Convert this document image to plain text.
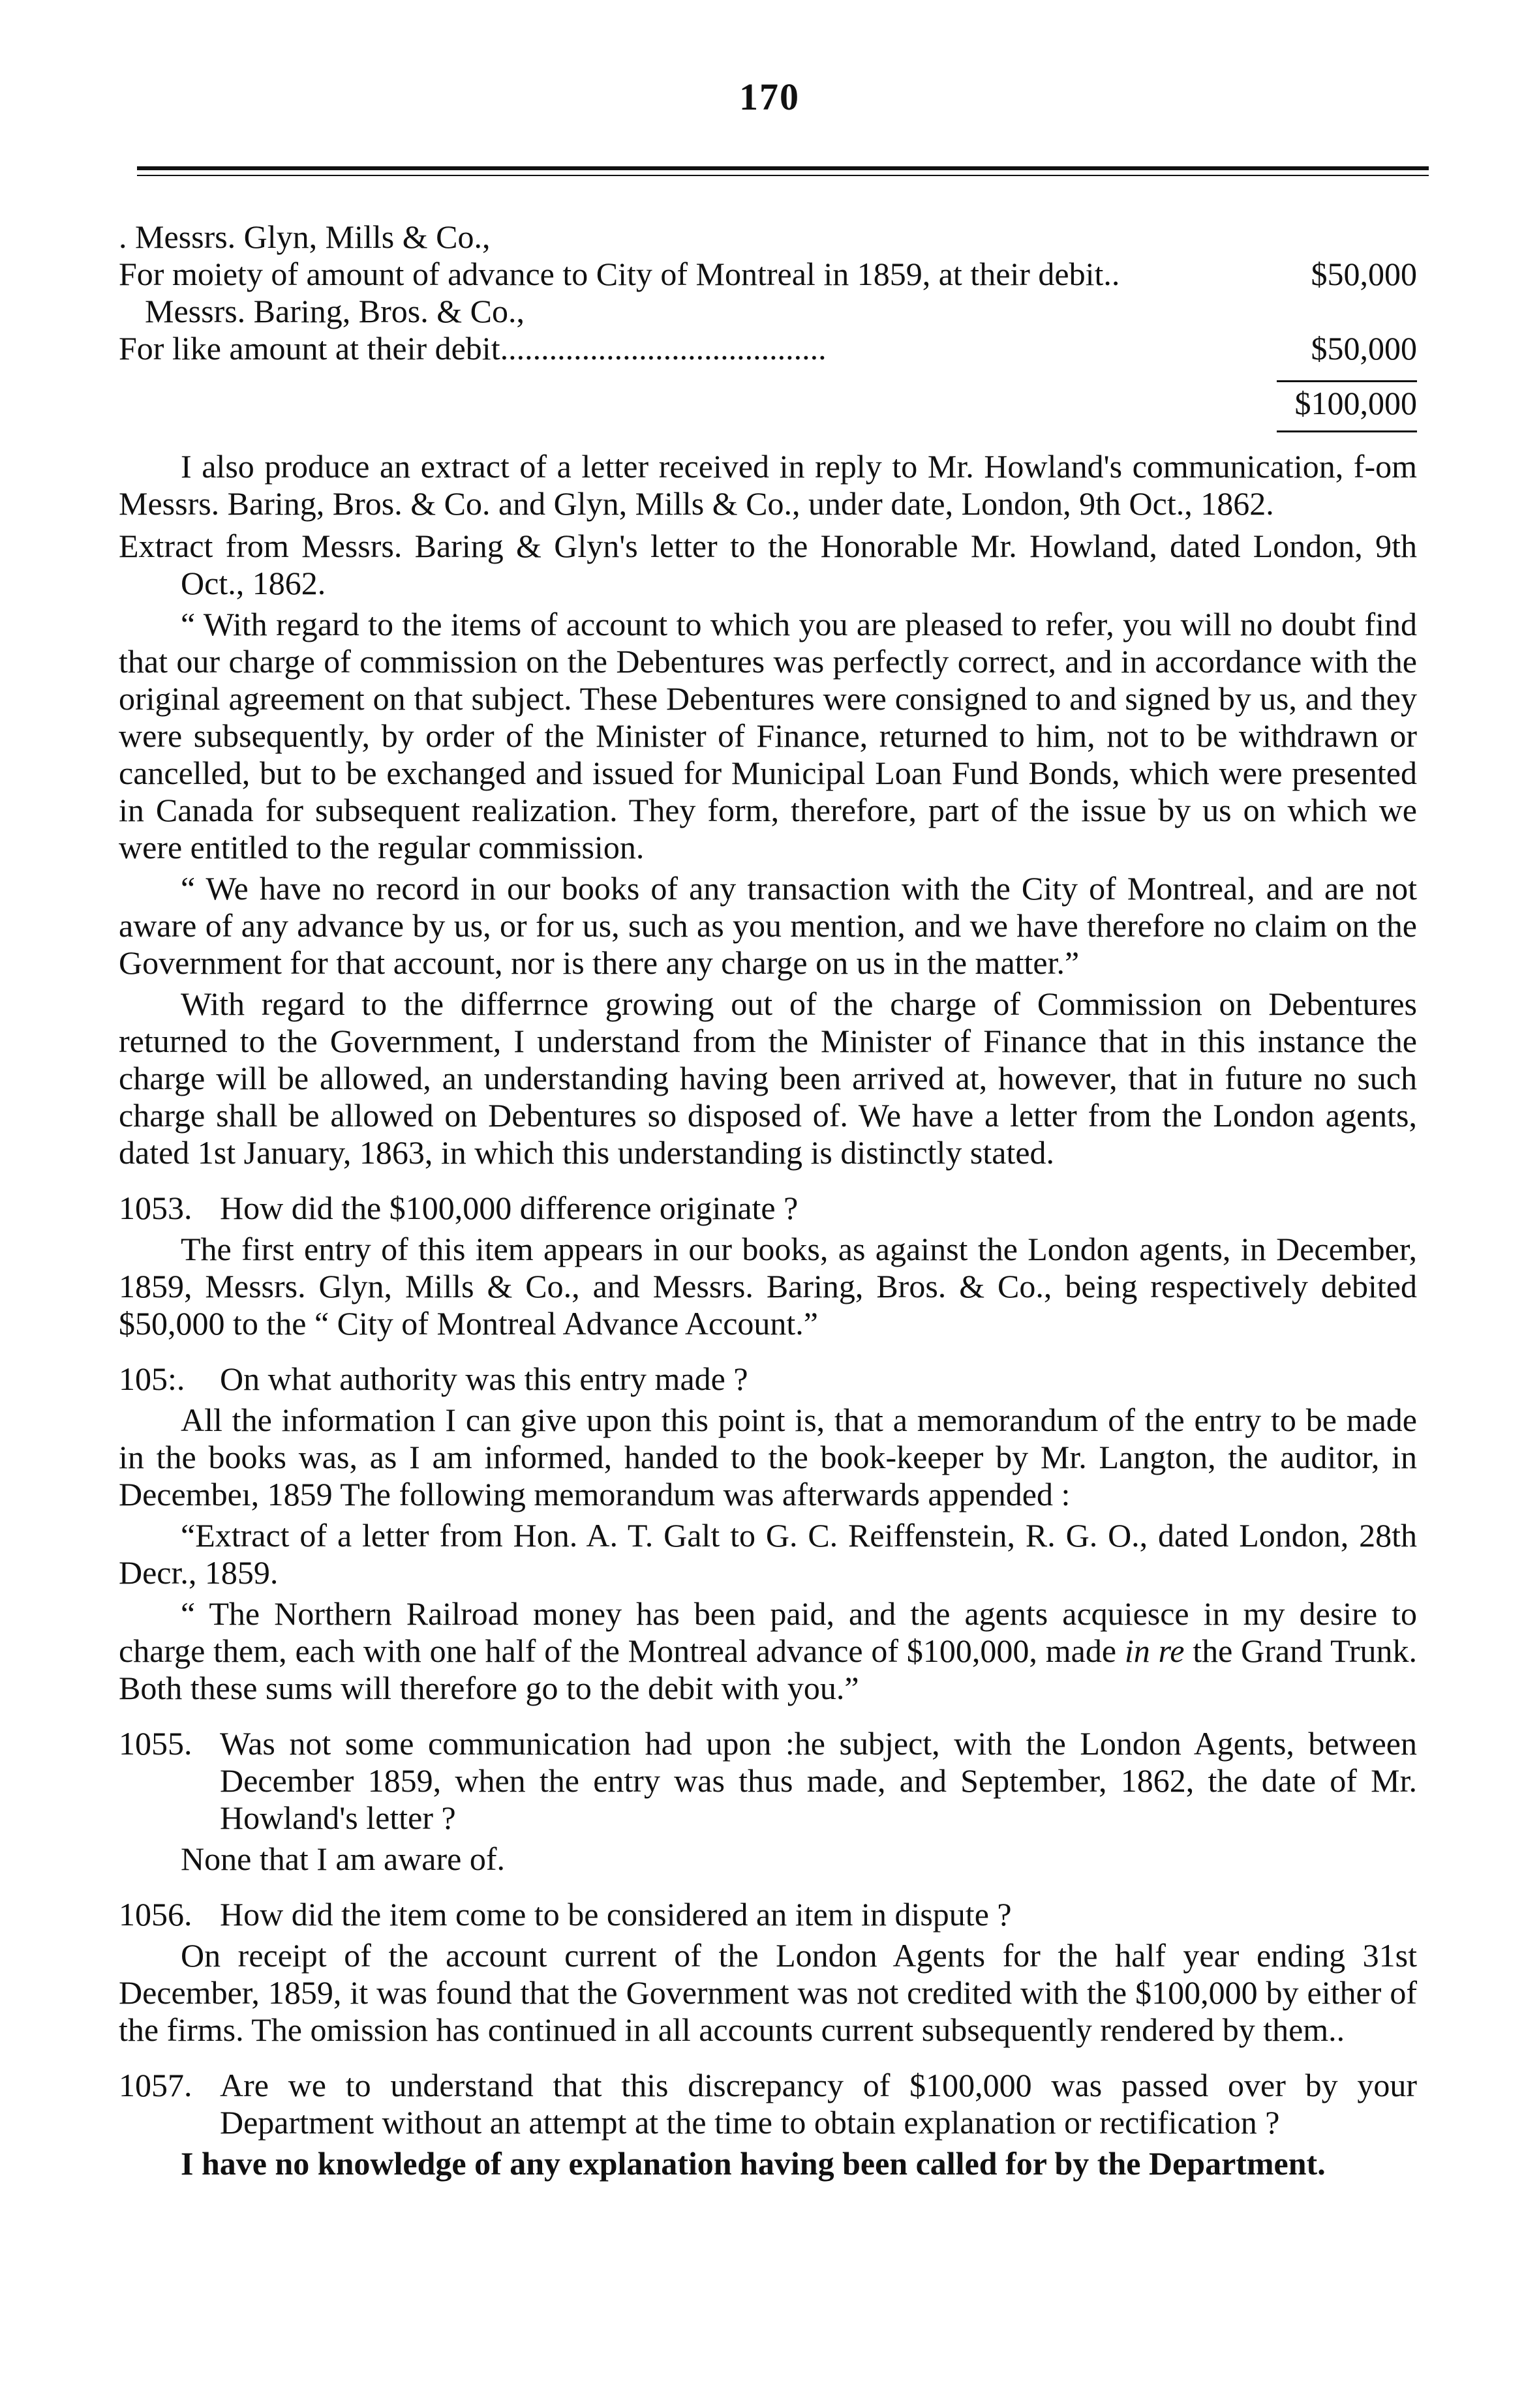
170
. Messrs. Glyn, Mills & Co.,
For moiety of amount of advance to City of Montreal in 1859, at their debit..	$50,000
Messrs. Baring, Bros. & Co.,
For like amount at their debit........................................	$50,000
$100,000

I also produce an extract of a letter received in reply to Mr. Howland's communication, f-om Messrs. Baring, Bros. & Co. and Glyn, Mills & Co., under date, London, 9th Oct., 1862.

Extract from Messrs. Baring & Glyn's letter to the Honorable Mr. Howland, dated London, 9th Oct., 1862.

“ With regard to the items of account to which you are pleased to refer, you will no doubt find that our charge of commission on the Debentures was perfectly correct, and in accordance with the original agreement on that subject. These Debentures were consigned to and signed by us, and they were subsequently, by order of the Minister of Finance, returned to him, not to be withdrawn or cancelled, but to be exchanged and issued for Municipal Loan Fund Bonds, which were presented in Canada for subsequent realization. They form, therefore, part of the issue by us on which we were entitled to the regular commission.

“ We have no record in our books of any transaction with the City of Montreal, and are not aware of any advance by us, or for us, such as you mention, and we have therefore no claim on the Government for that account, nor is there any charge on us in the matter.”

With regard to the differrnce growing out of the charge of Commission on Debentures returned to the Government, I understand from the Minister of Finance that in this instance the charge will be allowed, an understanding having been arrived at, however, that in future no such charge shall be allowed on Debentures so disposed of. We have a letter from the London agents, dated 1st January, 1863, in which this understanding is distinctly stated.

1053. How did the $100,000 difference originate ?

The first entry of this item appears in our books, as against the London agents, in December, 1859, Messrs. Glyn, Mills & Co., and Messrs. Baring, Bros. & Co., being respectively debited $50,000 to the “ City of Montreal Advance Account.”

105:.	On what authority was this entry made ?

All the information I can give upon this point is, that a memorandum of the entry to be made in the books was, as I am informed, handed to the book-keeper by Mr. Langton, the auditor, in Decembeı, 1859 The following memorandum was afterwards appended :

“Extract of a letter from Hon. A. T. Galt to G. C. Reiffenstein, R. G. O., dated London, 28th Decr., 1859.

“ The Northern Railroad money has been paid, and the agents acquiesce in my desire to charge them, each with one half of the Montreal advance of $100,000, made in re the Grand Trunk. Both these sums will therefore go to the debit with you.”

1055. Was not some communication had upon :he subject, with the London Agents, between December 1859, when the entry was thus made, and September, 1862, the date of Mr. Howland's letter ?

None that I am aware of.

1056. How did the item come to be considered an item in dispute ?

On receipt of the account current of the London Agents for the half year ending 31st December, 1859, it was found that the Government was not credited with the $100,000 by either of the firms. The omission has continued in all accounts current subsequently rendered by them..

1057. Are we to understand that this discrepancy of $100,000 was passed over by your Department without an attempt at the time to obtain explanation or rectification ?

I have no knowledge of any explanation having been called for by the Department.
